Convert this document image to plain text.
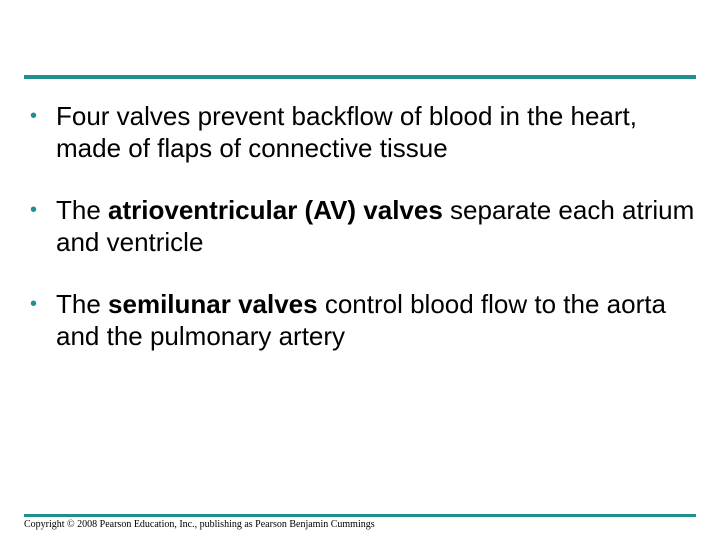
• Four valves prevent backflow of blood in the heart, made of flaps of connective tissue
• The atrioventricular (AV) valves separate each atrium and ventricle
• The semilunar valves control blood flow to the aorta and the pulmonary artery
Copyright © 2008 Pearson Education, Inc., publishing as Pearson Benjamin Cummings
